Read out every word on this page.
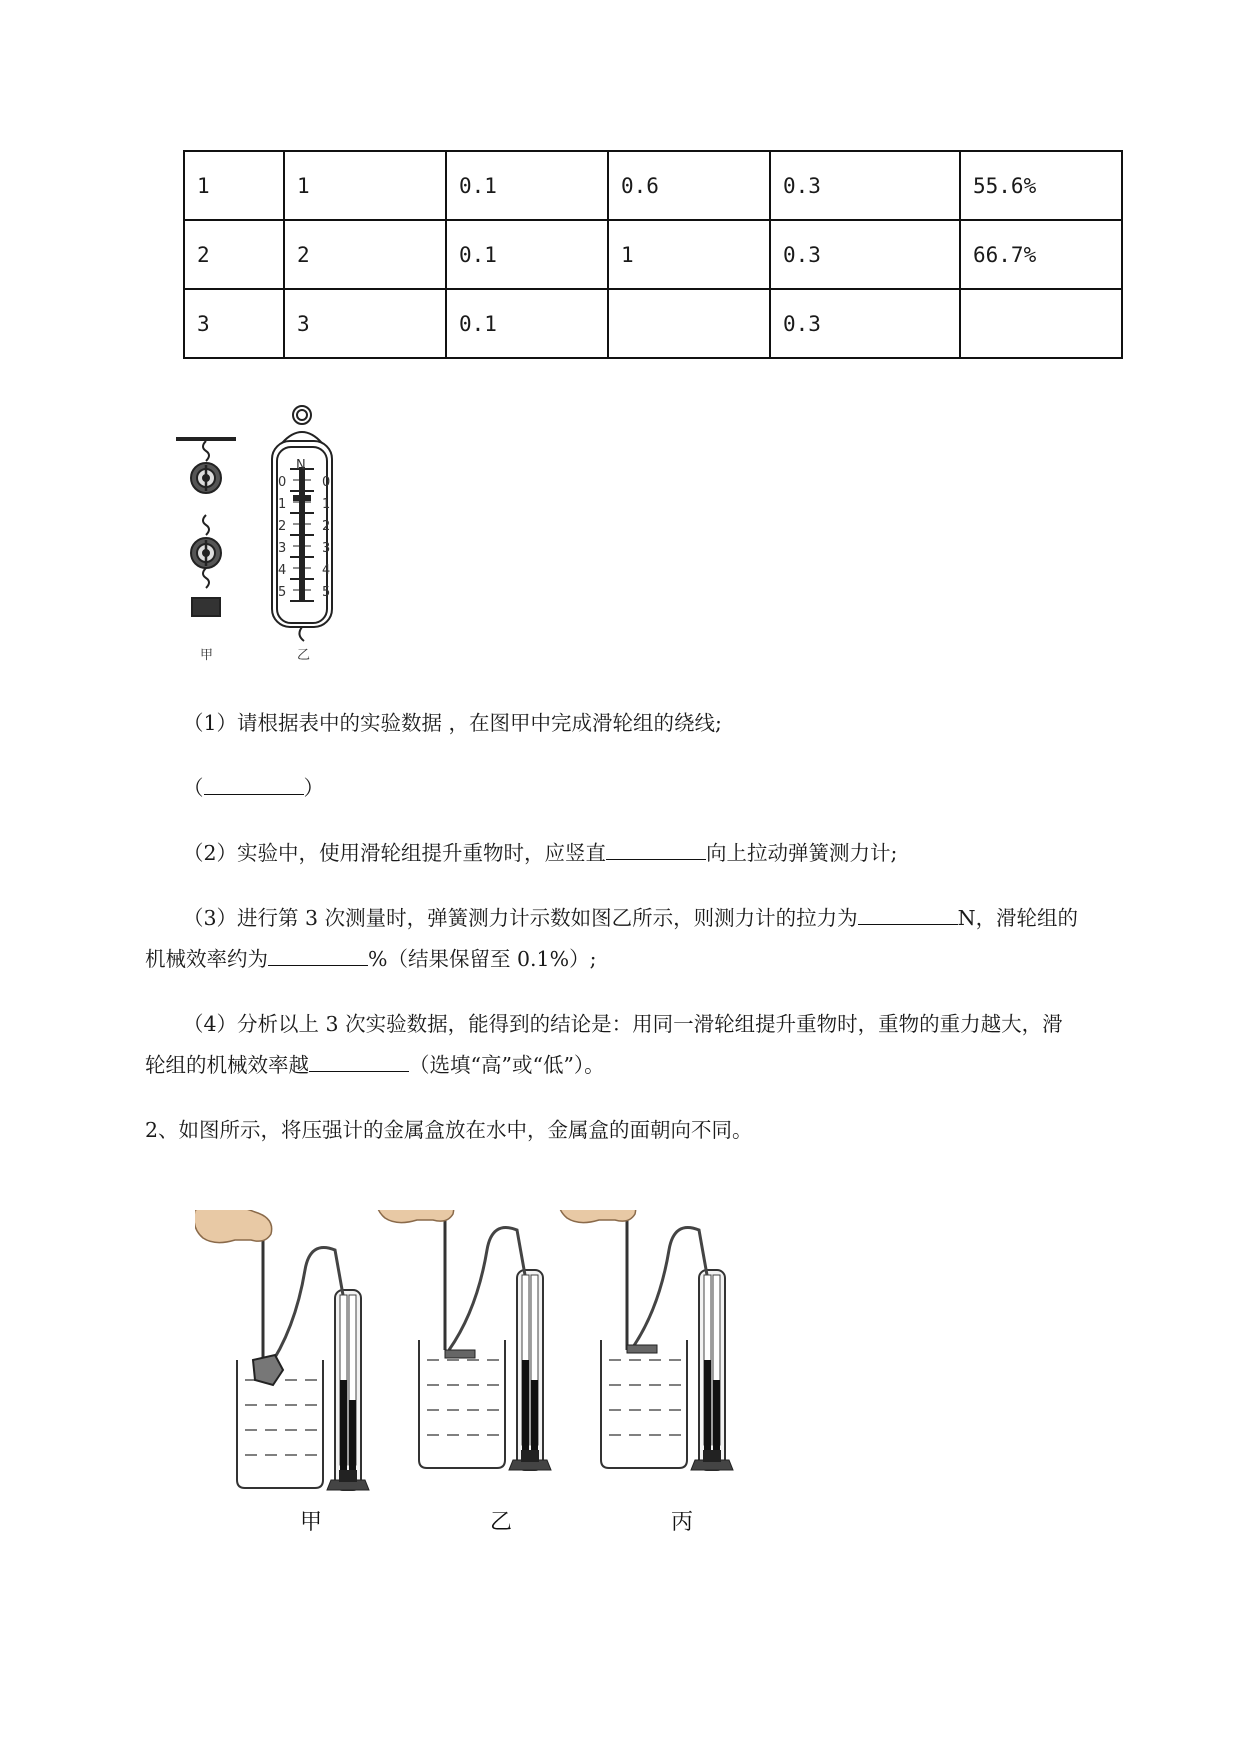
1	1	0.1	0.6	0.3	55.6%
2	2	0.1	1	0.3	66.7%
3	3	0.1		0.3	
N
0
1
2
3
4
5
0
1
2
3
4
5
甲	乙
（1）请根据表中的实验数据 ，在图甲中完成滑轮组的绕线;
（	）
（2）实验中，使用滑轮组提升重物时，应竖直	向上拉动弹簧测力计;
（3）进行第 3 次测量时，弹簧测力计示数如图乙所示，则测力计的拉力为	N，滑轮组的
机械效率约为	%（结果保留至 0.1%）;
（4）分析以上 3 次实验数据，能得到的结论是：用同一滑轮组提升重物时，重物的重力越大，滑
轮组的机械效率越	（选填“高”或“低”）。
2、如图所示，将压强计的金属盒放在水中，金属盒的面朝向不同。
甲	乙	丙
